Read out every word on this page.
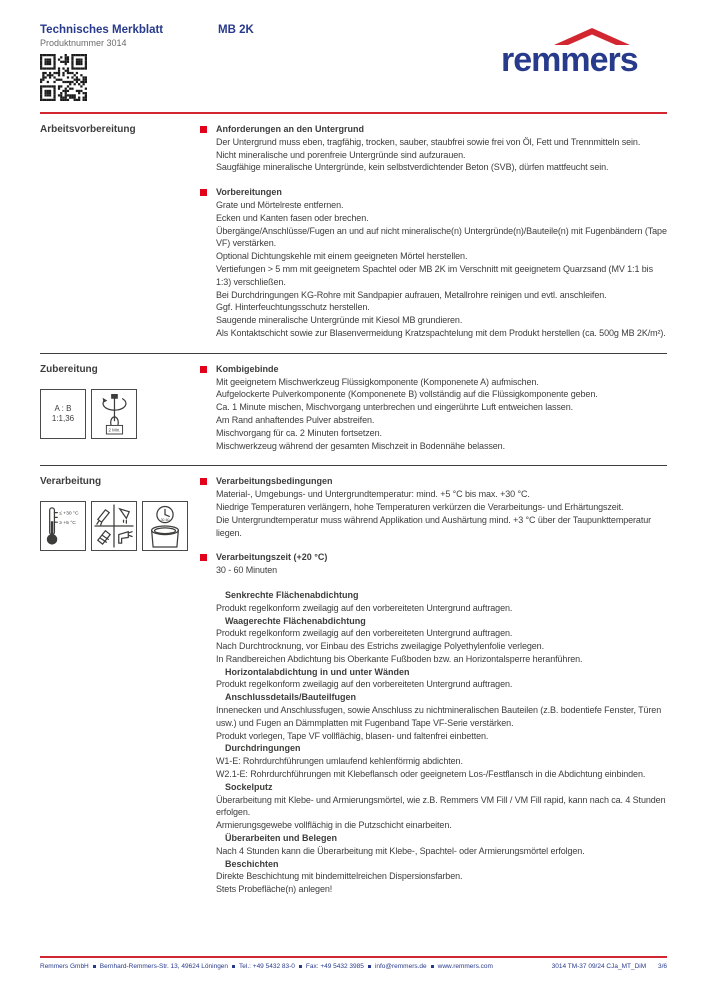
Technisches Merkblatt
Produktnummer 3014
MB 2K
remmers
Arbeitsvorbereitung	Anforderungen an den Untergrund
Der Untergrund muss eben, tragfähig, trocken, sauber, staubfrei sowie frei von Öl, Fett und Trennmitteln sein.
Nicht mineralische und porenfreie Untergründe sind aufzurauen.
Saugfähige mineralische Untergründe, kein selbstverdichtender Beton (SVB), dürfen mattfeucht sein.
Vorbereitungen
Grate und Mörtelreste entfernen.
Ecken und Kanten fasen oder brechen.
Übergänge/Anschlüsse/Fugen an und auf nicht mineralische(n) Untergründe(n)/Bauteile(n) mit Fugenbändern (Tape VF) verstärken.
Optional Dichtungskehle mit einem geeigneten Mörtel herstellen.
Vertiefungen > 5 mm mit geeignetem Spachtel oder MB 2K im Verschnitt mit geeignetem Quarzsand (MV 1:1 bis 1:3) verschließen.
Bei Durchdringungen KG-Rohre mit Sandpapier aufrauen, Metallrohre reinigen und evtl. anschleifen.
Ggf. Hinterfeuchtungsschutz herstellen.
Saugende mineralische Untergründe mit Kiesol MB grundieren.
Als Kontaktschicht sowie zur Blasenvermeidung Kratzspachtelung mit dem Produkt herstellen (ca. 500g MB 2K/m²).
Zubereitung
A : B
1:1,36
2 Min.
Kombigebinde
Mit geeignetem Mischwerkzeug Flüssigkomponente (Komponenete A) aufmischen.
Aufgelockerte Pulverkomponente (Komponenete B) vollständig auf die Flüssigkomponente geben.
Ca. 1 Minute mischen, Mischvorgang unterbrechen und eingerührte Luft entweichen lassen.
Am Rand anhaftendes Pulver abstreifen.
Mischvorgang für ca. 2 Minuten fortsetzen.
Mischwerkzeug während der gesamten Mischzeit in Bodennähe belassen.
Verarbeitung
≤ +30 °C
≥ +5 °C
30-60
Verarbeitungsbedingungen
Material-, Umgebungs- und Untergrundtemperatur: mind. +5 °C bis max. +30 °C.
Niedrige Temperaturen verlängern, hohe Temperaturen verkürzen die Verarbeitungs- und Erhärtungszeit.
Die Untergrundtemperatur muss während Applikation und Aushärtung mind. +3 °C über der Taupunkttemperatur liegen.
Verarbeitungszeit (+20 °C)
30 - 60 Minuten
Senkrechte Flächenabdichtung
Produkt regelkonform zweilagig auf den vorbereiteten Untergrund auftragen.
Waagerechte Flächenabdichtung
Produkt regelkonform zweilagig auf den vorbereiteten Untergrund auftragen.
Nach Durchtrocknung, vor Einbau des Estrichs zweilagige Polyethylenfolie verlegen.
In Randbereichen Abdichtung bis Oberkante Fußboden bzw. an Horizontalsperre heranführen.
Horizontalabdichtung in und unter Wänden
Produkt regelkonform zweilagig auf den vorbereiteten Untergrund auftragen.
Anschlussdetails/Bauteilfugen
Innenecken und Anschlussfugen, sowie Anschluss zu nichtmineralischen Bauteilen (z.B. bodentiefe Fenster, Türen usw.) und Fugen an Dämmplatten mit Fugenband Tape VF-Serie verstärken.
Produkt vorlegen, Tape VF vollflächig, blasen- und faltenfrei einbetten.
Durchdringungen
W1-E: Rohrdurchführungen umlaufend kehlenförmig abdichten.
W2.1-E: Rohrdurchführungen mit Klebeflansch oder geeignetem Los-/Festflansch in die Abdichtung einbinden.
Sockelputz
Überarbeitung mit Klebe- und Armierungsmörtel, wie z.B. Remmers VM Fill / VM Fill rapid, kann nach ca. 4 Stunden erfolgen.
Armierungsgewebe vollflächig in die Putzschicht einarbeiten.
Überarbeiten und Belegen
Nach 4 Stunden kann die Überarbeitung mit Klebe-, Spachtel- oder Armierungsmörtel erfolgen.
Beschichten
Direkte Beschichtung mit bindemittelreichen Dispersionsfarben.
Stets Probefläche(n) anlegen!
Remmers GmbH Bernhard-Remmers-Str. 13, 49624 Löningen Tel.: +49 5432 83-0 Fax: +49 5432 3985 info@remmers.de www.remmers.com	3014 TM-37 09/24 CJa_MT_DiM 3/6
